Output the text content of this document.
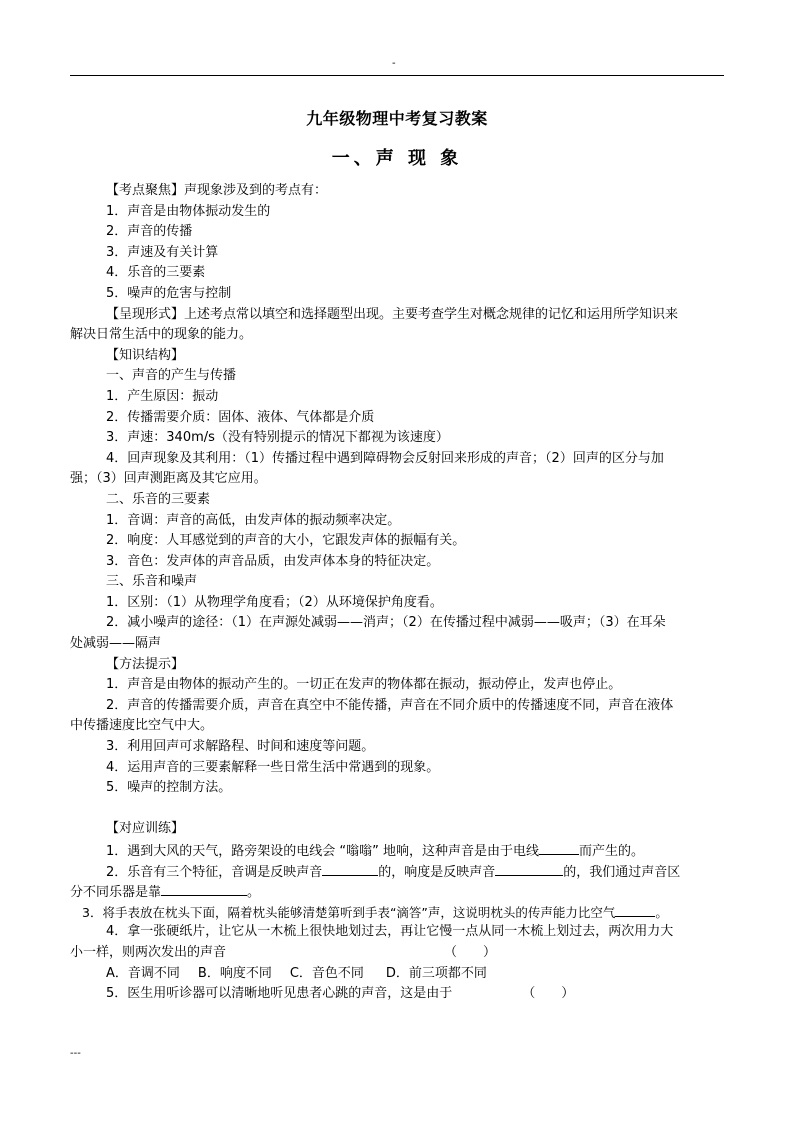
-
九年级物理中考复习教案
一、声 现 象
【考点聚焦】声现象涉及到的考点有：
1．声音是由物体振动发生的
2．声音的传播
3．声速及有关计算
4．乐音的三要素
5．噪声的危害与控制
【呈现形式】上述考点常以填空和选择题型出现。主要考查学生对概念规律的记忆和运用所学知识来
解决日常生活中的现象的能力。
【知识结构】
一、声音的产生与传播
1．产生原因：振动
2．传播需要介质：固体、液体、气体都是介质
3．声速：340m/s（没有特别提示的情况下都视为该速度）
4．回声现象及其利用：（1）传播过程中遇到障碍物会反射回来形成的声音；（2）回声的区分与加
强；（3）回声测距离及其它应用。
二、乐音的三要素
1．音调：声音的高低，由发声体的振动频率决定。
2．响度：人耳感觉到的声音的大小，它跟发声体的振幅有关。
3．音色：发声体的声音品质，由发声体本身的特征决定。
三、乐音和噪声
1．区别：（1）从物理学角度看；（2）从环境保护角度看。
2．减小噪声的途径：（1）在声源处减弱——消声；（2）在传播过程中减弱——吸声；（3）在耳朵
处减弱——隔声
【方法提示】
1．声音是由物体的振动产生的。一切正在发声的物体都在振动，振动停止，发声也停止。
2．声音的传播需要介质，声音在真空中不能传播，声音在不同介质中的传播速度不同，声音在液体
中传播速度比空气中大。
3．利用回声可求解路程、时间和速度等问题。
4．运用声音的三要素解释一些日常生活中常遇到的现象。
5．噪声的控制方法。
【对应训练】
1．遇到大风的天气，路旁架设的电线会 “嗡嗡” 地响，这种声音是由于电线	而产生的。
2．乐音有三个特征，音调是反映声音	的，响度是反映声音	的，我们通过声音区
分不同乐器是靠	。
3．将手表放在枕头下面，隔着枕头能够清楚第听到手表“滴答”声，这说明枕头的传声能力比空气	。
4．拿一张硬纸片，让它从一木梳上很快地划过去，再让它慢一点从同一木梳上划过去，两次用力大
小一样，则两次发出的声音	（　　）
A．音调不同 B．响度不同 C．音色不同 D．前三项都不同
5．医生用听诊器可以清晰地听见患者心跳的声音，这是由于	（　　）
---
